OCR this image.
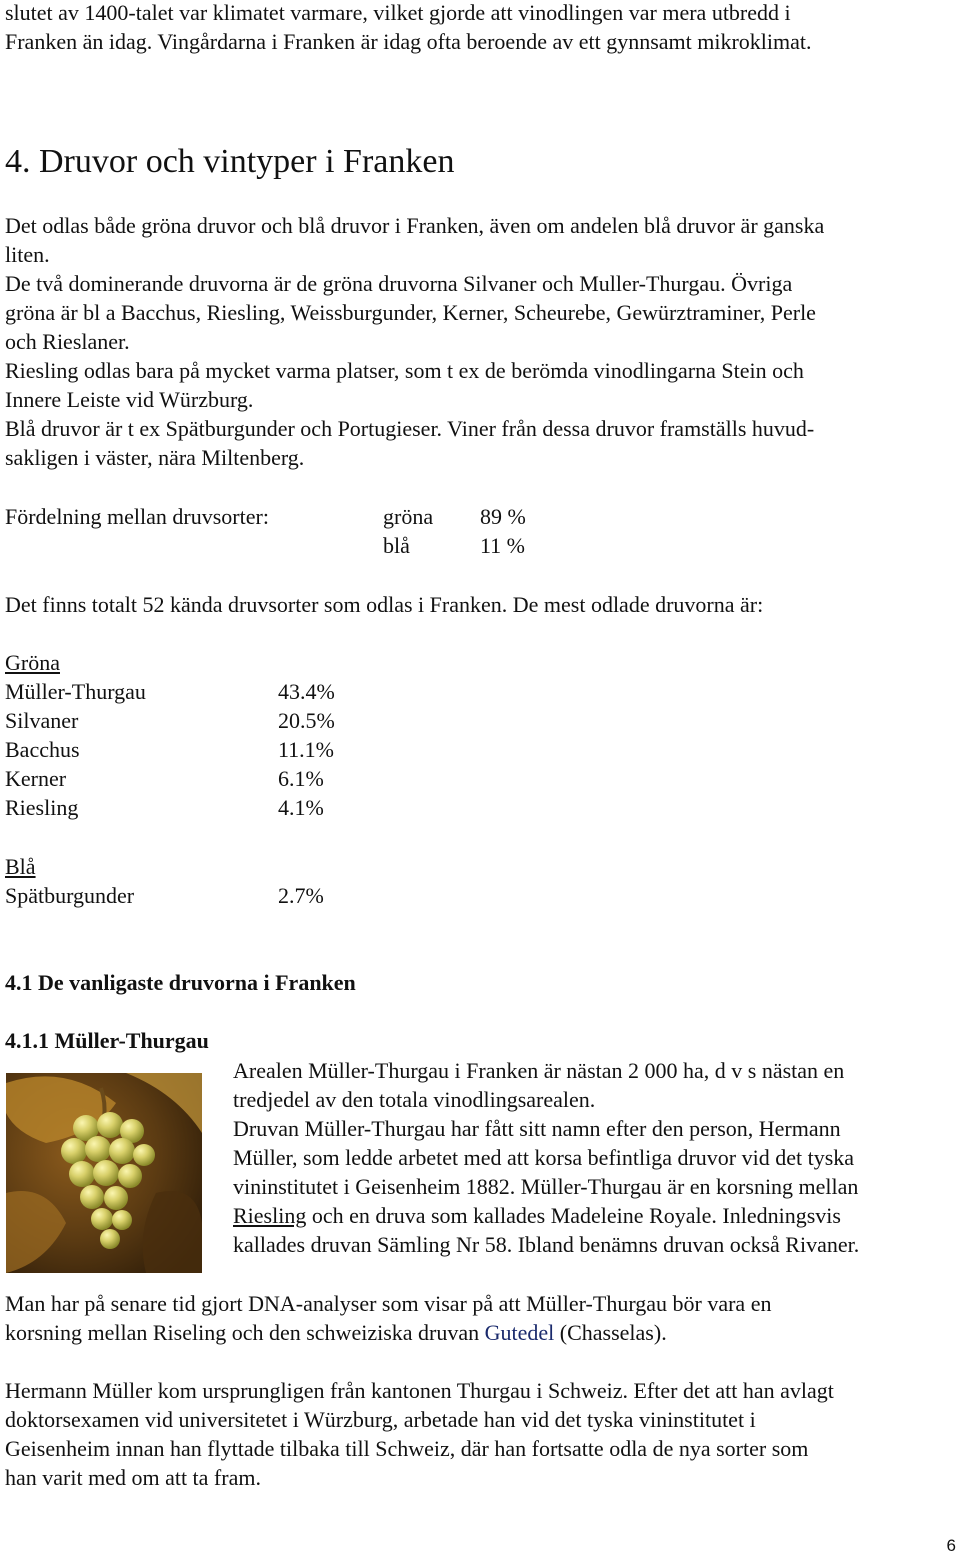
slutet av 1400-talet var klimatet varmare, vilket gjorde att vinodlingen var mera utbredd i
Franken än idag. Vingårdarna i Franken är idag ofta beroende av ett gynnsamt mikroklimat.
4. Druvor och vintyper i Franken
Det odlas både gröna druvor och blå druvor i Franken, även om andelen blå druvor är ganska
liten.
De två dominerande druvorna är de gröna druvorna Silvaner och Muller-Thurgau. Övriga
gröna är bl a Bacchus, Riesling, Weissburgunder, Kerner, Scheurebe, Gewürztraminer, Perle
och Rieslaner.
Riesling odlas bara på mycket varma platser, som t ex de berömda vinodlingarna Stein och
Innere Leiste vid Würzburg.
Blå druvor är t ex Spätburgunder och Portugieser. Viner från dessa druvor framställs huvud-
sakligen i väster, nära Miltenberg.
Fördelning mellan druvsorter:	gröna 89 %
blå	11 %
Det finns totalt 52 kända druvsorter som odlas i Franken. De mest odlade druvorna är:
Gröna
Müller-Thurgau	43.4%
Silvaner	20.5%
Bacchus	11.1%
Kerner	6.1%
Riesling	4.1%
Blå
Spätburgunder	2.7%
4.1 De vanligaste druvorna i Franken
4.1.1 Müller-Thurgau
Arealen Müller-Thurgau i Franken är nästan 2 000 ha, d v s nästan en
tredjedel av den totala vinodlingsarealen.
Druvan Müller-Thurgau har fått sitt namn efter den person, Hermann
Müller, som ledde arbetet med att korsa befintliga druvor vid det tyska
vininstitutet i Geisenheim 1882. Müller-Thurgau är en korsning mellan
Riesling och en druva som kallades Madeleine Royale. Inledningsvis
kallades druvan Sämling Nr 58. Ibland benämns druvan också Rivaner.
Man har på senare tid gjort DNA-analyser som visar på att Müller-Thurgau bör vara en
korsning mellan Riseling och den schweiziska druvan Gutedel (Chasselas).
Hermann Müller kom ursprungligen från kantonen Thurgau i Schweiz. Efter det att han avlagt
doktorsexamen vid universitetet i Würzburg, arbetade han vid det tyska vininstitutet i
Geisenheim innan han flyttade tilbaka till Schweiz, där han fortsatte odla de nya sorter som
han varit med om att ta fram.
6
